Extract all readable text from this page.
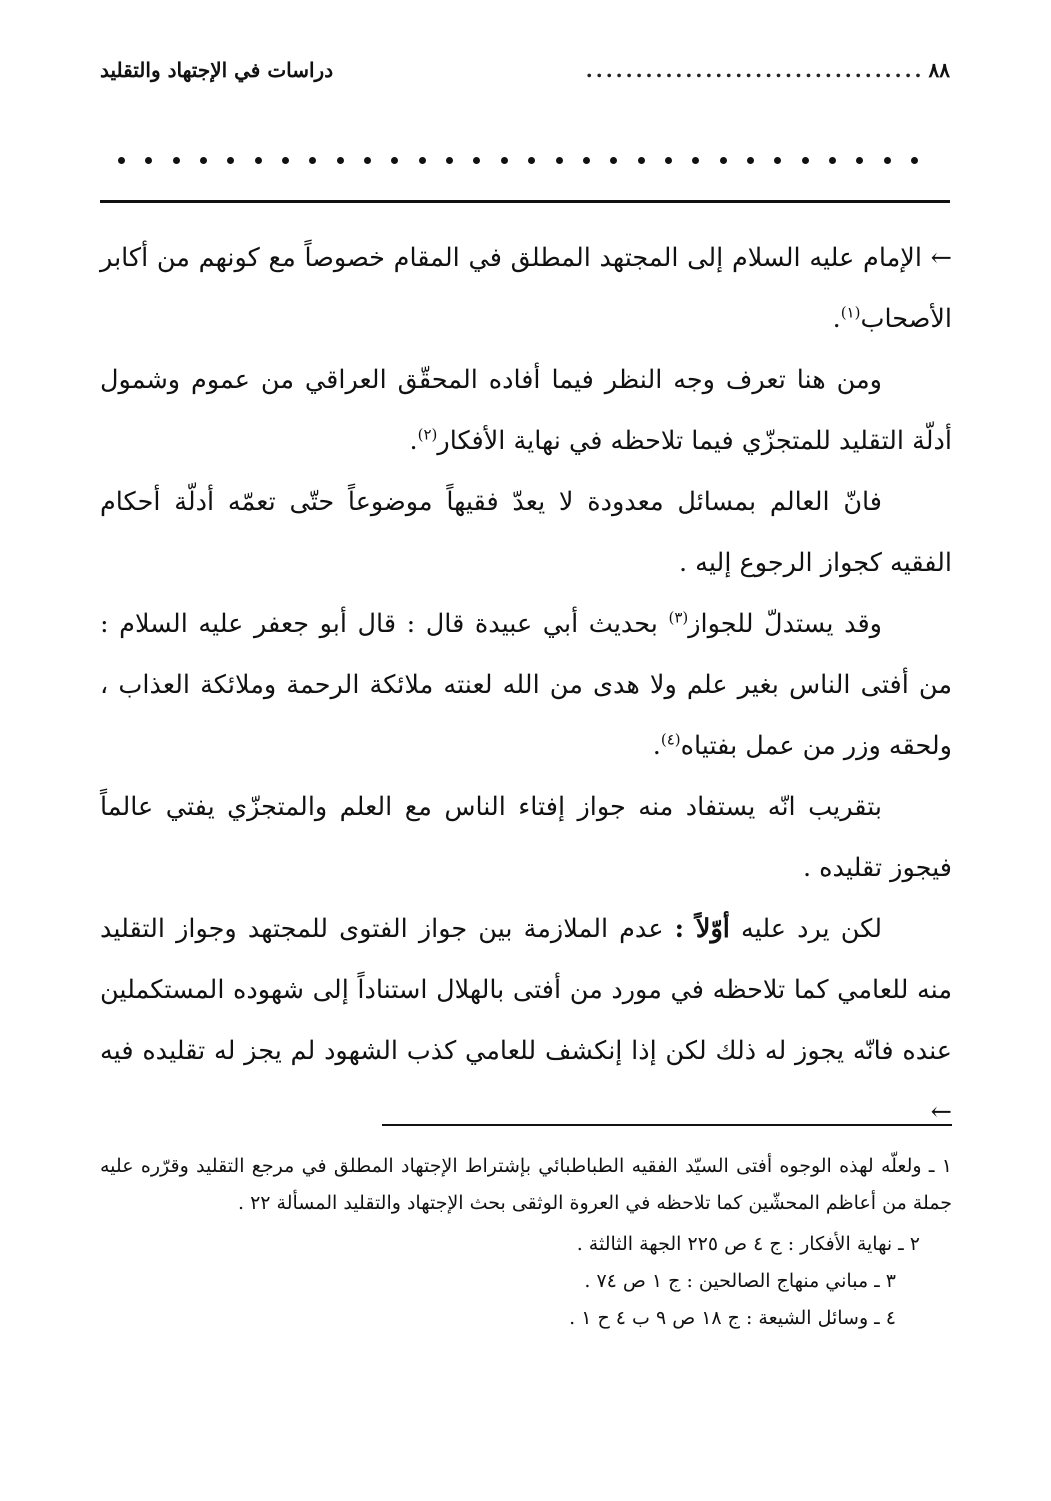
٨٨
..................................
دراسات في الإجتهاد والتقليد

← الإمام عليه السلام إلى المجتهد المطلق في المقام خصوصاً مع كونهم من أكابر الأصحاب$^{(١)}$.

ومن هنا تعرف وجه النظر فيما أفاده المحقّق العراقي من عموم وشمول أدلّة التقليد للمتجزّي فيما تلاحظه في نهاية الأفكار$^{(٢)}$.

فانّ العالم بمسائل معدودة لا يعدّ فقيهاً موضوعاً حتّى تعمّه أدلّة أحكام الفقيه كجواز الرجوع إليه .

وقد يستدلّ للجواز$^{(٣)}$ بحديث أبي عبيدة قال : قال أبو جعفر عليه السلام : من أفتى الناس بغير علم ولا هدى من الله لعنته ملائكة الرحمة وملائكة العذاب ، ولحقه وزر من عمل بفتياه$^{(٤)}$.

بتقريب انّه يستفاد منه جواز إفتاء الناس مع العلم والمتجزّي يفتي عالماً فيجوز تقليده .

لكن يرد عليه أوّلاً : عدم الملازمة بين جواز الفتوى للمجتهد وجواز التقليد منه للعامي كما تلاحظه في مورد من أفتى بالهلال استناداً إلى شهوده المستكملين عنده فانّه يجوز له ذلك لكن إذا إنكشف للعامي كذب الشهود لم يجز له تقليده فيه ←

١ ـ ولعلّه لهذه الوجوه أفتى السيّد الفقيه الطباطبائي بإشتراط الإجتهاد المطلق في مرجع التقليد وقرّره عليه جملة من أعاظم المحشّين كما تلاحظه في العروة الوثقى بحث الإجتهاد والتقليد المسألة ٢٢ .

٢ ـ نهاية الأفكار : ج ٤ ص ٢٢٥ الجهة الثالثة .

٣ ـ مباني منهاج الصالحين : ج ١ ص ٧٤ .

٤ ـ وسائل الشيعة : ج ١٨ ص ٩ ب ٤ ح ١ .
